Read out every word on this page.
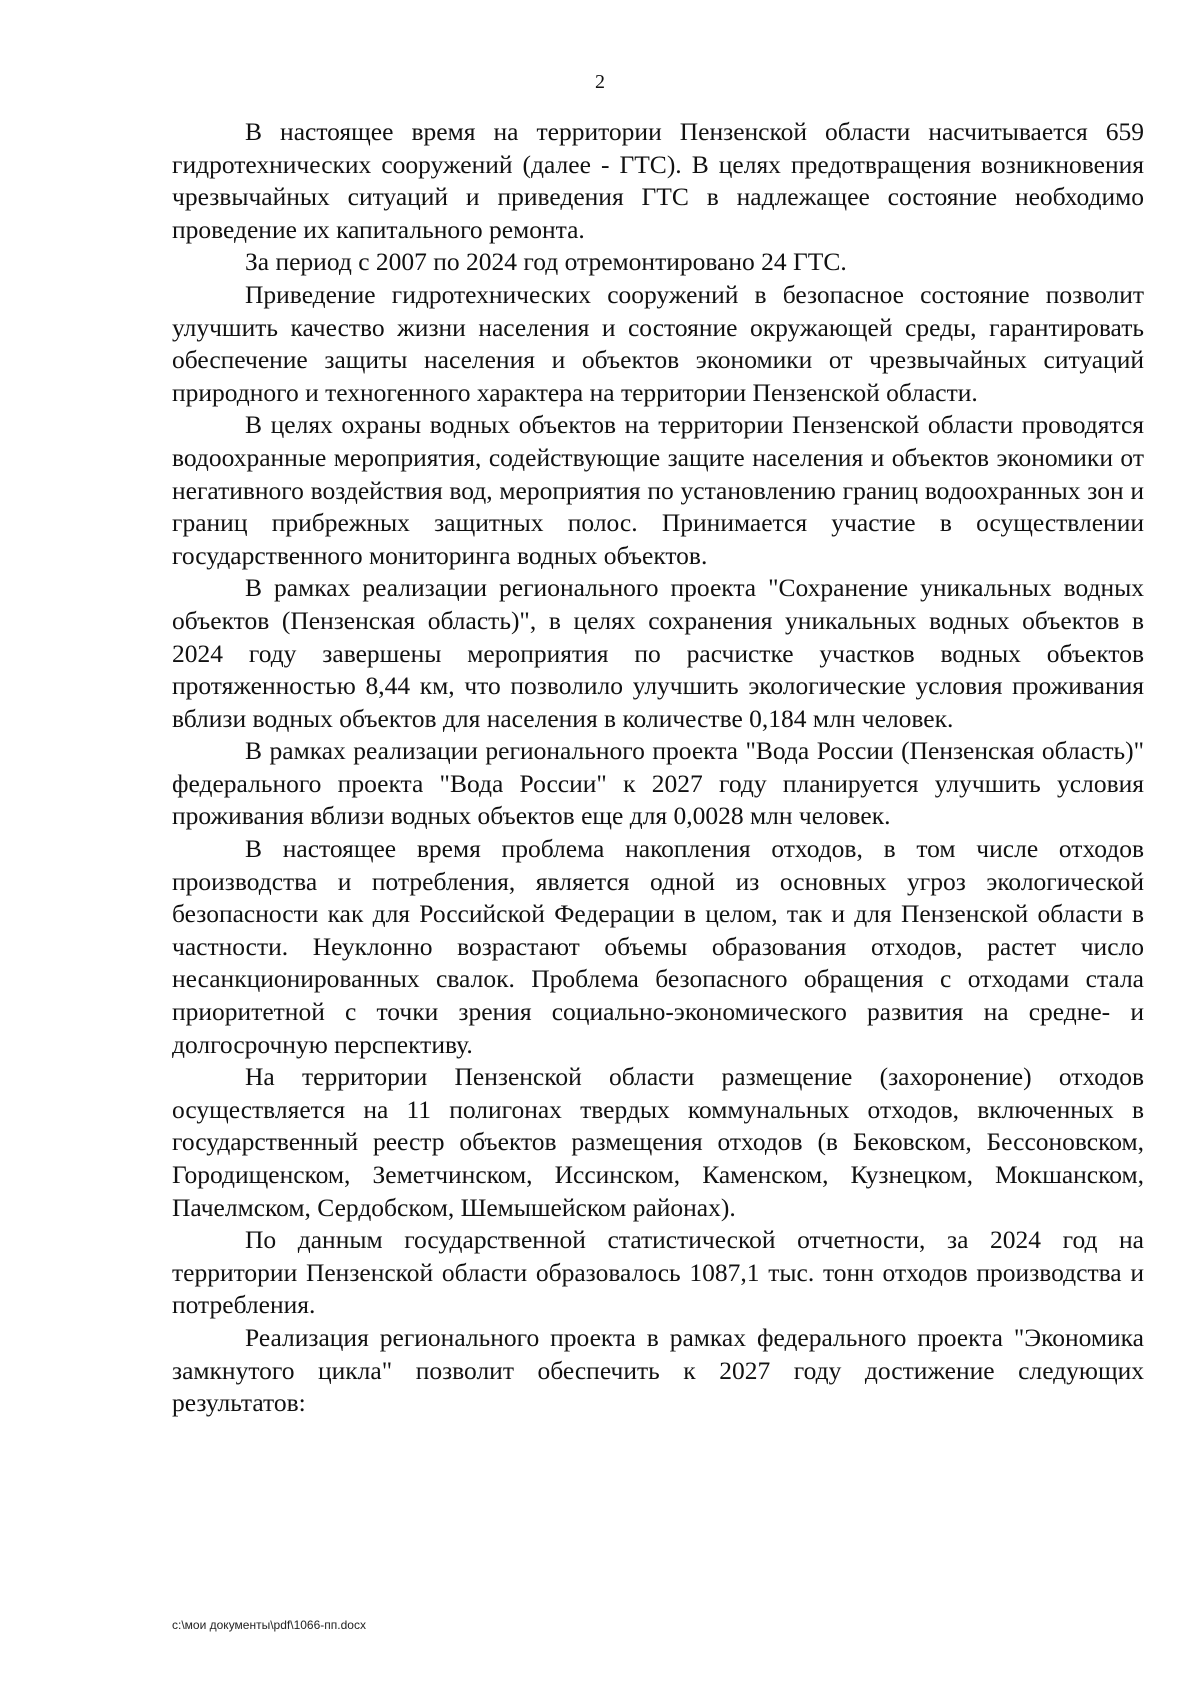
2

В настоящее время на территории Пензенской области насчитывается 659 гидротехнических сооружений (далее - ГТС). В целях предотвращения возникновения чрезвычайных ситуаций и приведения ГТС в надлежащее состояние необходимо проведение их капитального ремонта.

За период с 2007 по 2024 год отремонтировано 24 ГТС.

Приведение гидротехнических сооружений в безопасное состояние позволит улучшить качество жизни населения и состояние окружающей среды, гарантировать обеспечение защиты населения и объектов экономики от чрезвычайных ситуаций природного и техногенного характера на территории Пензенской области.

В целях охраны водных объектов на территории Пензенской области проводятся водоохранные мероприятия, содействующие защите населения и объектов экономики от негативного воздействия вод, мероприятия по установлению границ водоохранных зон и границ прибрежных защитных полос. Принимается участие в осуществлении государственного мониторинга водных объектов.

В рамках реализации регионального проекта "Сохранение уникальных водных объектов (Пензенская область)", в целях сохранения уникальных водных объектов в 2024 году завершены мероприятия по расчистке участков водных объектов протяженностью 8,44 км, что позволило улучшить экологические условия проживания вблизи водных объектов для населения в количестве 0,184 млн человек.

В рамках реализации регионального проекта "Вода России (Пензенская область)" федерального проекта "Вода России" к 2027 году планируется улучшить условия проживания вблизи водных объектов еще для 0,0028 млн человек.

В настоящее время проблема накопления отходов, в том числе отходов производства и потребления, является одной из основных угроз экологической безопасности как для Российской Федерации в целом, так и для Пензенской области в частности. Неуклонно возрастают объемы образования отходов, растет число несанкционированных свалок. Проблема безопасного обращения с отходами стала приоритетной с точки зрения социально-экономического развития на средне- и долгосрочную перспективу.

На территории Пензенской области размещение (захоронение) отходов осуществляется на 11 полигонах твердых коммунальных отходов, включенных в государственный реестр объектов размещения отходов (в Бековском, Бессоновском, Городищенском, Земетчинском, Иссинском, Каменском, Кузнецком, Мокшанском, Пачелмском, Сердобском, Шемышейском районах).

По данным государственной статистической отчетности, за 2024 год на территории Пензенской области образовалось 1087,1 тыс. тонн отходов производства и потребления.

Реализация регионального проекта в рамках федерального проекта "Экономика замкнутого цикла" позволит обеспечить к 2027 году достижение следующих результатов:

c:\мои документы\pdf\1066-пп.docx
